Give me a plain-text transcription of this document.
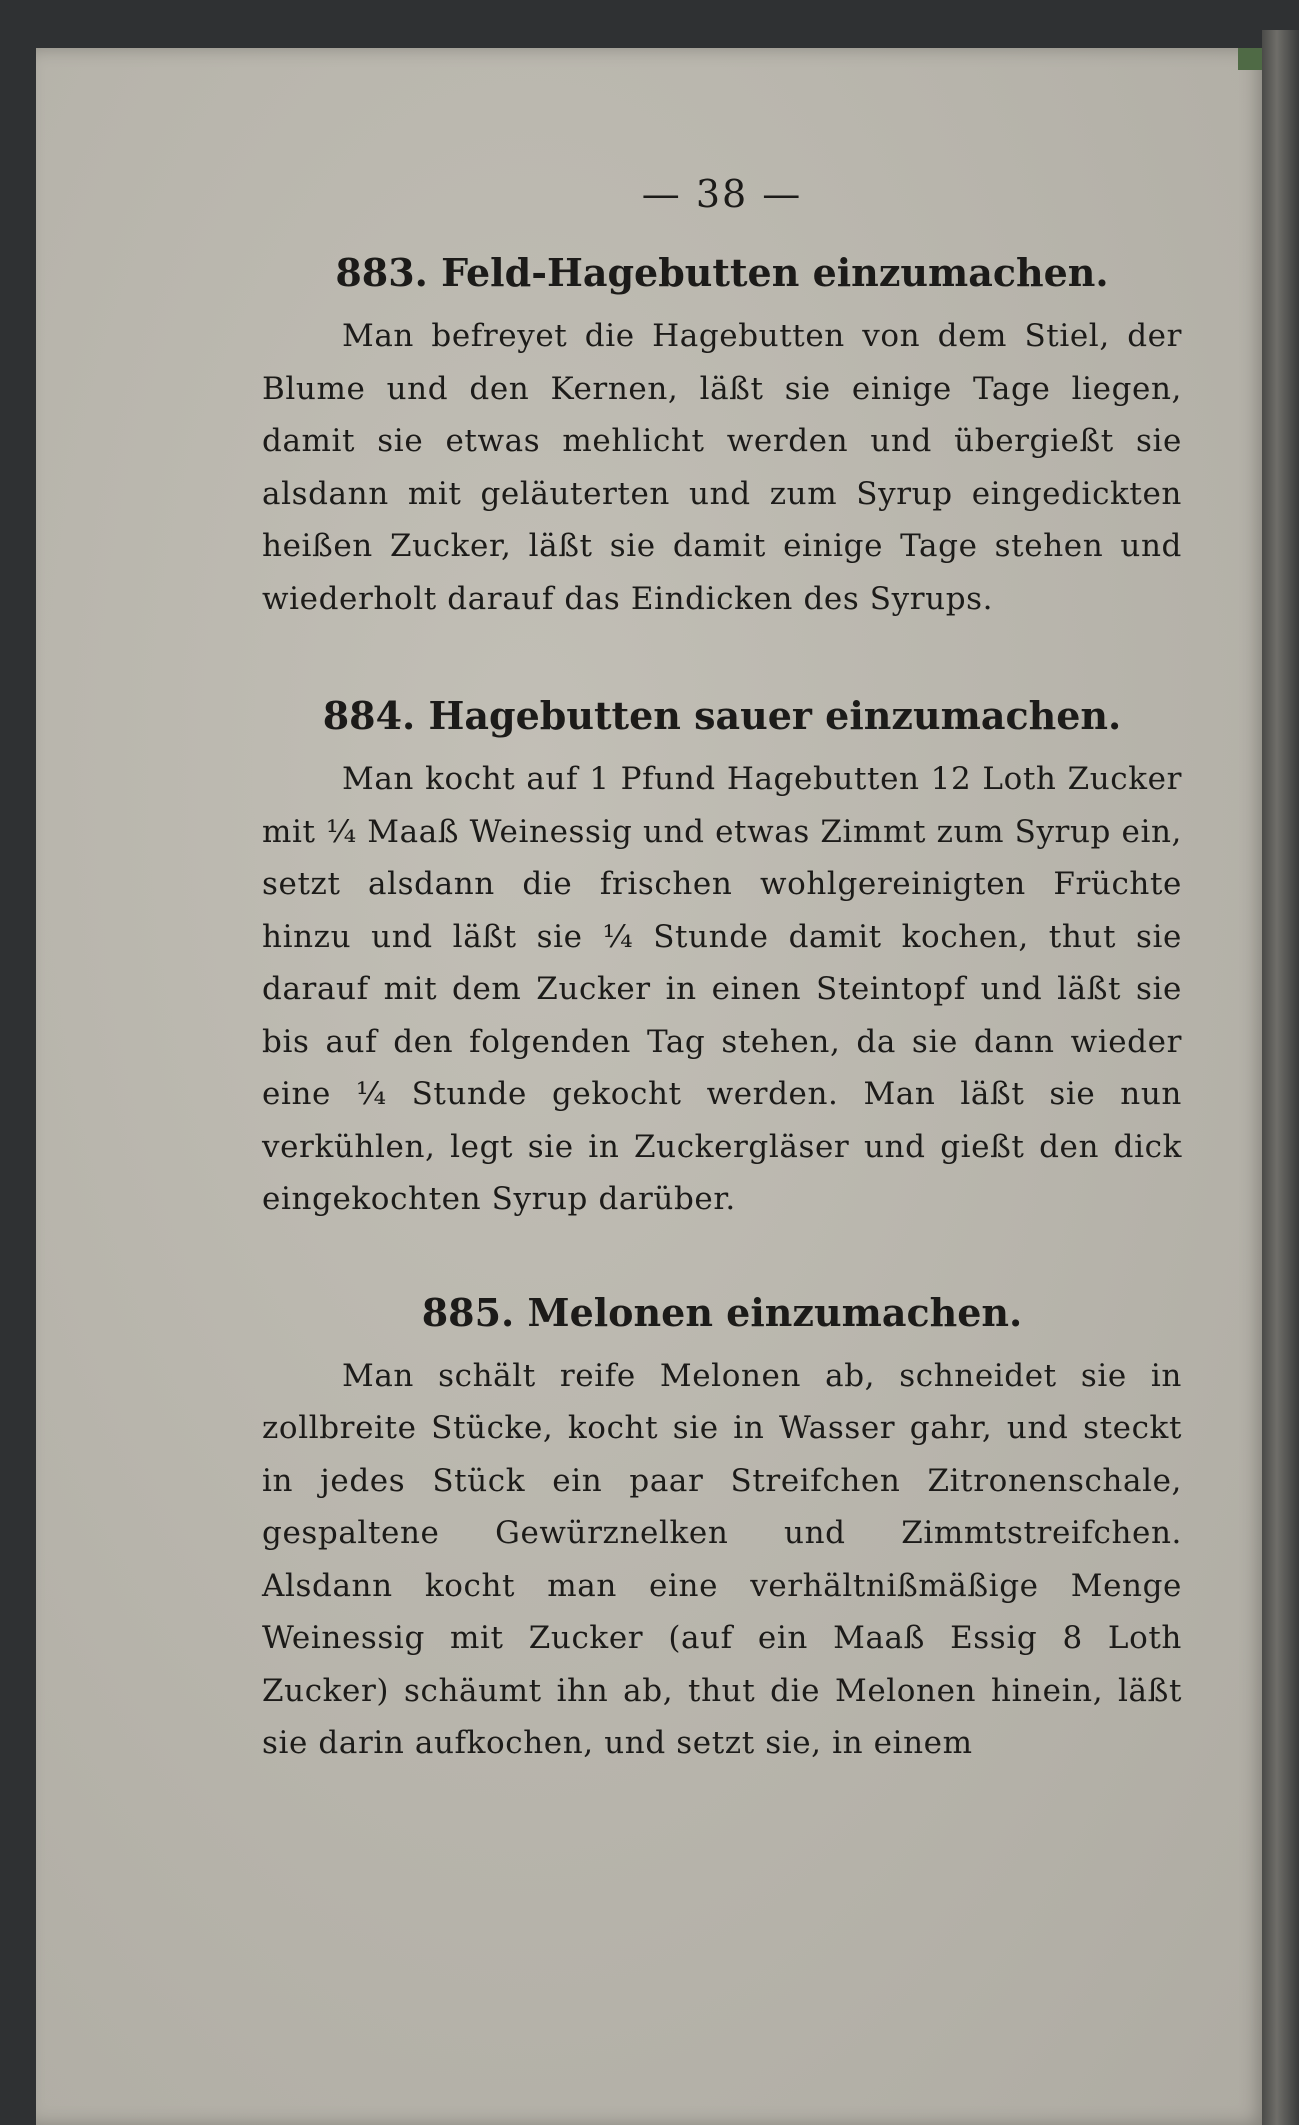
— 38 —
883. Feld-Hagebutten einzumachen.

Man befreyet die Hagebutten von dem Stiel, der Blume und den Kernen, läßt sie einige Tage liegen, damit sie etwas mehlicht werden und übergießt sie alsdann mit geläuterten und zum Syrup eingedickten heißen Zucker, läßt sie damit einige Tage stehen und wiederholt darauf das Eindicken des Syrups.

884. Hagebutten sauer einzumachen.

Man kocht auf 1 Pfund Hagebutten 12 Loth Zucker mit ¼ Maaß Weinessig und etwas Zimmt zum Syrup ein, setzt alsdann die frischen wohlgereinigten Früchte hinzu und läßt sie ¼ Stunde damit kochen, thut sie darauf mit dem Zucker in einen Steintopf und läßt sie bis auf den folgenden Tag stehen, da sie dann wieder eine ¼ Stunde gekocht werden. Man läßt sie nun verkühlen, legt sie in Zuckergläser und gießt den dick eingekochten Syrup darüber.

885. Melonen einzumachen.

Man schält reife Melonen ab, schneidet sie in zollbreite Stücke, kocht sie in Wasser gahr, und steckt in jedes Stück ein paar Streifchen Zitronenschale, gespaltene Gewürznelken und Zimmtstreifchen. Alsdann kocht man eine verhältnißmäßige Menge Weinessig mit Zucker (auf ein Maaß Essig 8 Loth Zucker) schäumt ihn ab, thut die Melonen hinein, läßt sie darin aufkochen, und setzt sie, in einem
